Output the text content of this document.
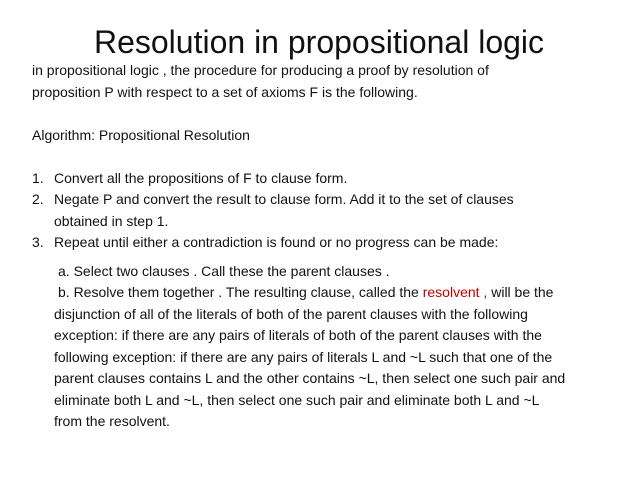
Resolution in propositional logic

in propositional logic , the procedure for producing a proof by resolution of

proposition P with respect to a set of axioms F is the following.

Algorithm: Propositional Resolution

1. Convert all the propositions of F to clause form.

2. Negate P and convert the result to clause form. Add it to the set of clauses

obtained in step 1.

3. Repeat until either a contradiction is found or no progress can be made:

a. Select two clauses . Call these the parent clauses .

b. Resolve them together . The resulting clause, called the resolvent , will be the

disjunction of all of the literals of both of the parent clauses with the following

exception: if there are any pairs of literals of both of the parent clauses with the

following exception: if there are any pairs of literals L and ~L such that one of the

parent clauses contains L and the other contains ~L, then select one such pair and

eliminate both L and ~L, then select one such pair and eliminate both L and ~L

from the resolvent.
